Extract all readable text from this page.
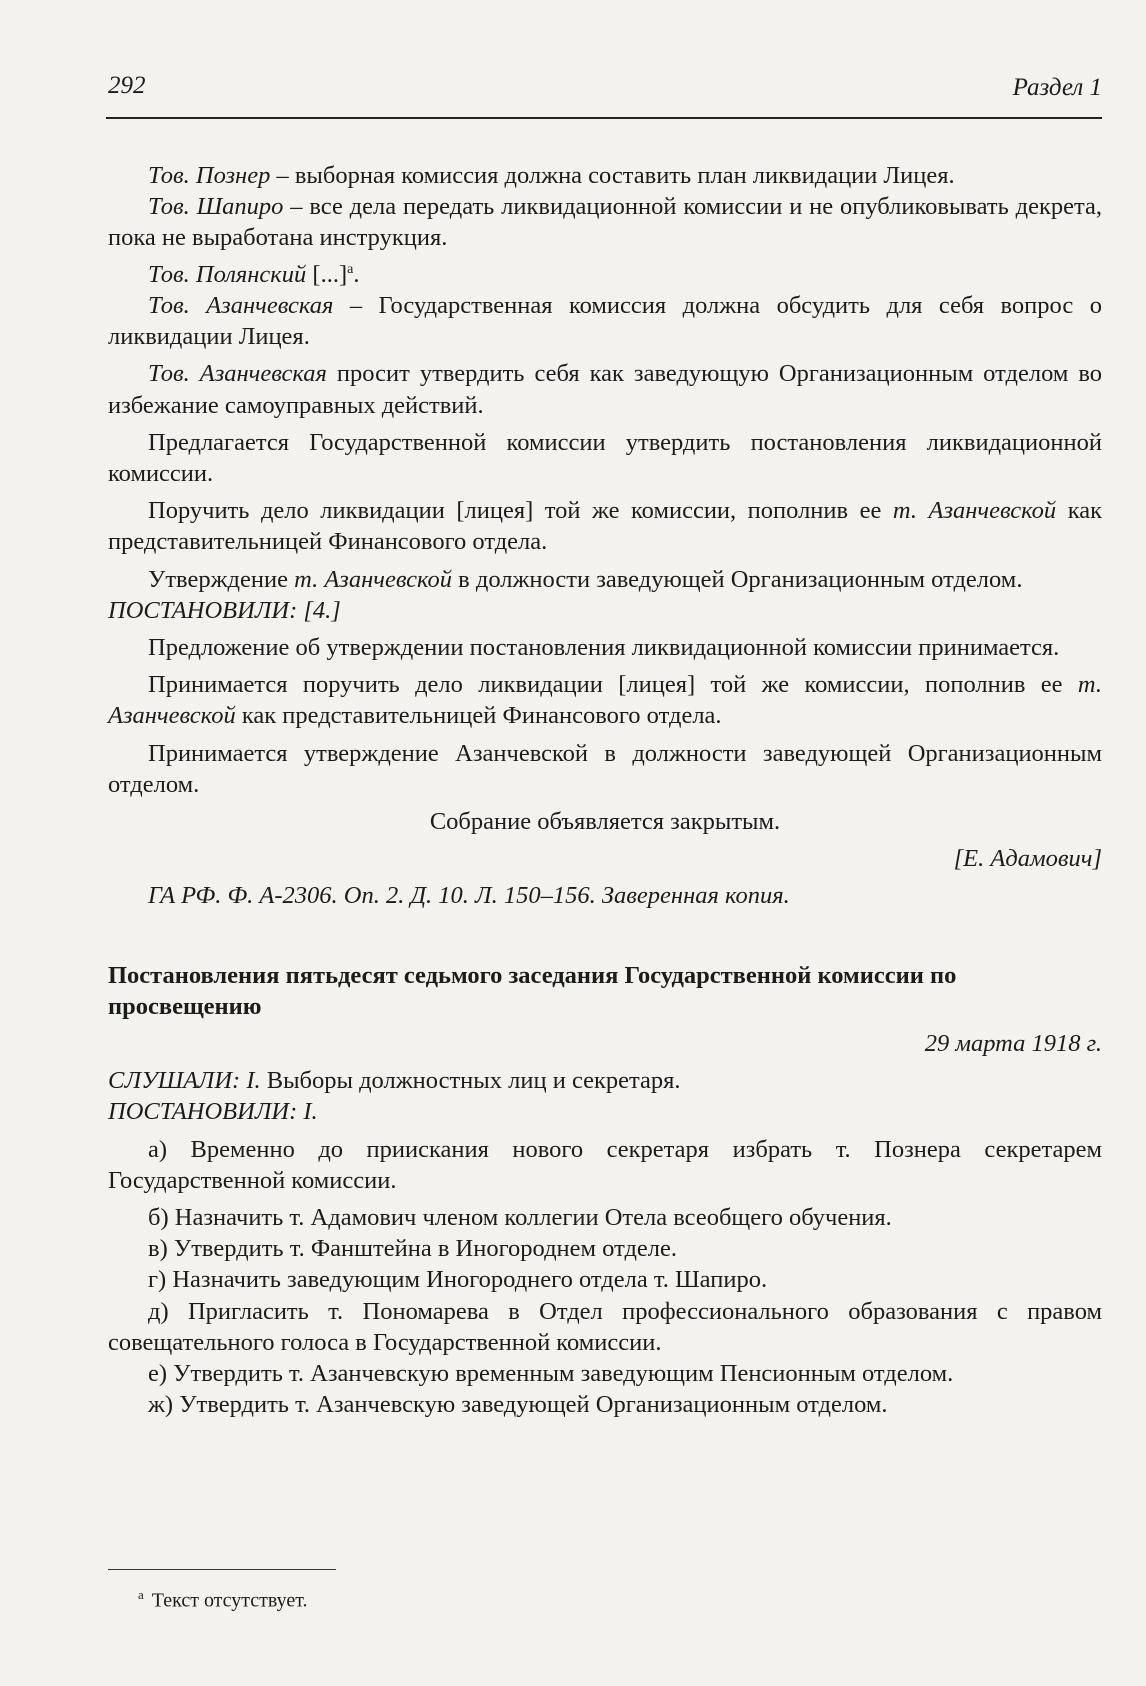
292	Раздел 1

Тов. Познер – выборная комиссия должна составить план ликвидации Лицея.

Тов. Шапиро – все дела передать ликвидационной комиссии и не опубликовывать декрета, пока не выработана инструкция.

Тов. Полянский [...]$^а$.

Тов. Азанчевская – Государственная комиссия должна обсудить для себя вопрос о ликвидации Лицея.

Тов. Азанчевская просит утвердить себя как заведующую Организационным отделом во избежание самоуправных действий.

Предлагается Государственной комиссии утвердить постановления ликвидационной комиссии.

Поручить дело ликвидации [лицея] той же комиссии, пополнив ее т. Азанчевской как представительницей Финансового отдела.

Утверждение т. Азанчевской в должности заведующей Организационным отделом.

ПОСТАНОВИЛИ: [4.]

Предложение об утверждении постановления ликвидационной комиссии принимается.

Принимается поручить дело ликвидации [лицея] той же комиссии, пополнив ее т. Азанчевской как представительницей Финансового отдела.

Принимается утверждение Азанчевской в должности заведующей Организационным отделом.

Собрание объявляется закрытым.

[Е. Адамович]

ГА РФ. Ф. А-2306. Оп. 2. Д. 10. Л. 150–156. Заверенная копия.

Постановления пятьдесят седьмого заседания Государственной комиссии по просвещению

29 марта 1918 г.

СЛУШАЛИ: I. Выборы должностных лиц и секретаря.

ПОСТАНОВИЛИ: I.

а) Временно до приискания нового секретаря избрать т. Познера секретарем Государственной комиссии.

б) Назначить т. Адамович членом коллегии Отела всеобщего обучения.

в) Утвердить т. Фанштейна в Иногороднем отделе.

г) Назначить заведующим Иногороднего отдела т. Шапиро.

д) Пригласить т. Пономарева в Отдел профессионального образования с правом совещательного голоса в Государственной комиссии.

е) Утвердить т. Азанчевскую временным заведующим Пенсионным отделом.

ж) Утвердить т. Азанчевскую заведующей Организационным отделом.

$^а$ Текст отсутствует.
